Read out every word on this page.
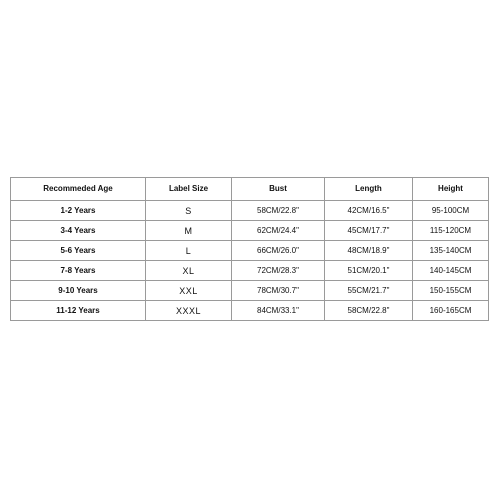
Recommeded Age	Label Size	Bust	Length	Height
1-2 Years	S	58CM/22.8"	42CM/16.5"	95-100CM
3-4 Years	M	62CM/24.4"	45CM/17.7"	115-120CM
5-6 Years	L	66CM/26.0"	48CM/18.9"	135-140CM
7-8 Years	XL	72CM/28.3"	51CM/20.1"	140-145CM
9-10 Years	XXL	78CM/30.7"	55CM/21.7"	150-155CM
11-12 Years	XXXL	84CM/33.1"	58CM/22.8"	160-165CM
